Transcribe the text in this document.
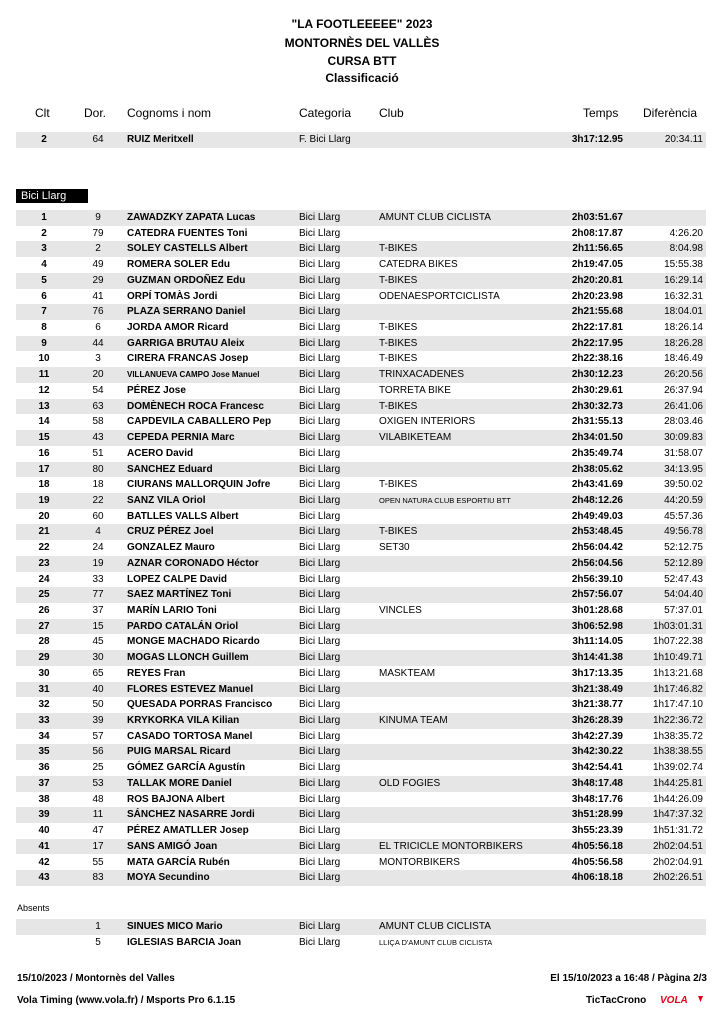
"LA FOOTLEEEEE" 2023
MONTORNÈS DEL VALLÈS
CURSA BTT
Classificació
Clt	Dor. Cognoms i nom	Categoria Club	Temps Diferència
Bici Llarg
2	64	RUIZ Meritxell	F. Bici Llarg	3h17:12.95	20:34.11
1	9	ZAWADZKY ZAPATA Lucas	Bici Llarg	AMUNT CLUB CICLISTA	2h03:51.67
2	79	CATEDRA FUENTES Toni	Bici Llarg	2h08:17.87	4:26.20
3	2	SOLEY CASTELLS Albert	Bici Llarg	T-BIKES	2h11:56.65	8:04.98
4	49	ROMERA SOLER Edu	Bici Llarg	CATEDRA BIKES	2h19:47.05	15:55.38
5	29	GUZMAN ORDOÑEZ Edu	Bici Llarg	T-BIKES	2h20:20.81	16:29.14
6	41	ORPÍ TOMÀS Jordi	Bici Llarg	ODENAESPORTCICLISTA	2h20:23.98	16:32.31
7	76	PLAZA SERRANO Daniel	Bici Llarg	2h21:55.68	18:04.01
8	6	JORDA AMOR Ricard	Bici Llarg	T-BIKES	2h22:17.81	18:26.14
9	44	GARRIGA BRUTAU Aleix	Bici Llarg	T-BIKES	2h22:17.95	18:26.28
10	3	CIRERA FRANCAS Josep	Bici Llarg	T-BIKES	2h22:38.16	18:46.49
11	20	VILLANUEVA CAMPO Jose Manuel	Bici Llarg	TRINXACADENES	2h30:12.23	26:20.56
12	54	PÉREZ Jose	Bici Llarg	TORRETA BIKE	2h30:29.61	26:37.94
13	63	DOMÈNECH ROCA Francesc	Bici Llarg	T-BIKES	2h30:32.73	26:41.06
14	58	CAPDEVILA CABALLERO Pep	Bici Llarg	OXIGEN INTERIORS	2h31:55.13	28:03.46
15	43	CEPEDA PERNIA Marc	Bici Llarg	VILABIKETEAM	2h34:01.50	30:09.83
16	51	ACERO David	Bici Llarg	2h35:49.74	31:58.07
17	80	SANCHEZ Eduard	Bici Llarg	2h38:05.62	34:13.95
18	18	CIURANS MALLORQUIN Jofre	Bici Llarg	T-BIKES	2h43:41.69	39:50.02
19	22	SANZ VILA Oriol	Bici Llarg	OPEN NATURA CLUB ESPORTIU BTT	2h48:12.26	44:20.59
20	60	BATLLES VALLS Albert	Bici Llarg	2h49:49.03	45:57.36
21	4	CRUZ PÉREZ Joel	Bici Llarg	T-BIKES	2h53:48.45	49:56.78
22	24	GONZALEZ Mauro	Bici Llarg	SET30	2h56:04.42	52:12.75
23	19	AZNAR CORONADO Héctor	Bici Llarg	2h56:04.56	52:12.89
24	33	LOPEZ CALPE David	Bici Llarg	2h56:39.10	52:47.43
25	77	SAEZ MARTÍNEZ Toni	Bici Llarg	2h57:56.07	54:04.40
26	37	MARÍN LARIO Toni	Bici Llarg	VINCLES	3h01:28.68	57:37.01
27	15	PARDO CATALÁN Oriol	Bici Llarg	3h06:52.98	1h03:01.31
28	45	MONGE MACHADO Ricardo	Bici Llarg	3h11:14.05	1h07:22.38
29	30	MOGAS LLONCH Guillem	Bici Llarg	3h14:41.38	1h10:49.71
30	65	REYES Fran	Bici Llarg	MASKTEAM	3h17:13.35	1h13:21.68
31	40	FLORES ESTEVEZ Manuel	Bici Llarg	3h21:38.49	1h17:46.82
32	50	QUESADA PORRAS Francisco	Bici Llarg	3h21:38.77	1h17:47.10
33	39	KRYKORKA VILA Kilian	Bici Llarg	KINUMA TEAM	3h26:28.39	1h22:36.72
34	57	CASADO TORTOSA Manel	Bici Llarg	3h42:27.39	1h38:35.72
35	56	PUIG MARSAL Ricard	Bici Llarg	3h42:30.22	1h38:38.55
36	25	GÓMEZ GARCÍA Agustín	Bici Llarg	3h42:54.41	1h39:02.74
37	53	TALLAK MORE Daniel	Bici Llarg	OLD FOGIES	3h48:17.48	1h44:25.81
38	48	ROS BAJONA Albert	Bici Llarg	3h48:17.76	1h44:26.09
39	11	SÁNCHEZ NASARRE Jordi	Bici Llarg	3h51:28.99	1h47:37.32
40	47	PÉREZ AMATLLER Josep	Bici Llarg	3h55:23.39	1h51:31.72
41	17	SANS AMIGÓ Joan	Bici Llarg	EL TRICICLE MONTORBIKERS	4h05:56.18	2h02:04.51
42	55	MATA GARCÍA Rubén	Bici Llarg	MONTORBIKERS	4h05:56.58	2h02:04.91
43	83	MOYA Secundino	Bici Llarg	4h06:18.18	2h02:26.51
1	SINUES MICO Mario	Bici Llarg	AMUNT CLUB CICLISTA
5	IGLESIAS BARCIA Joan	Bici Llarg	LLIÇA D'AMUNT CLUB CICLISTA
Absents
15/10/2023 / Montornès del Valles	El 15/10/2023 a 16:48 / Pàgina 2/3
Vola Timing (www.vola.fr) / Msports Pro 6.1.15	TicTacCrono VOLA
